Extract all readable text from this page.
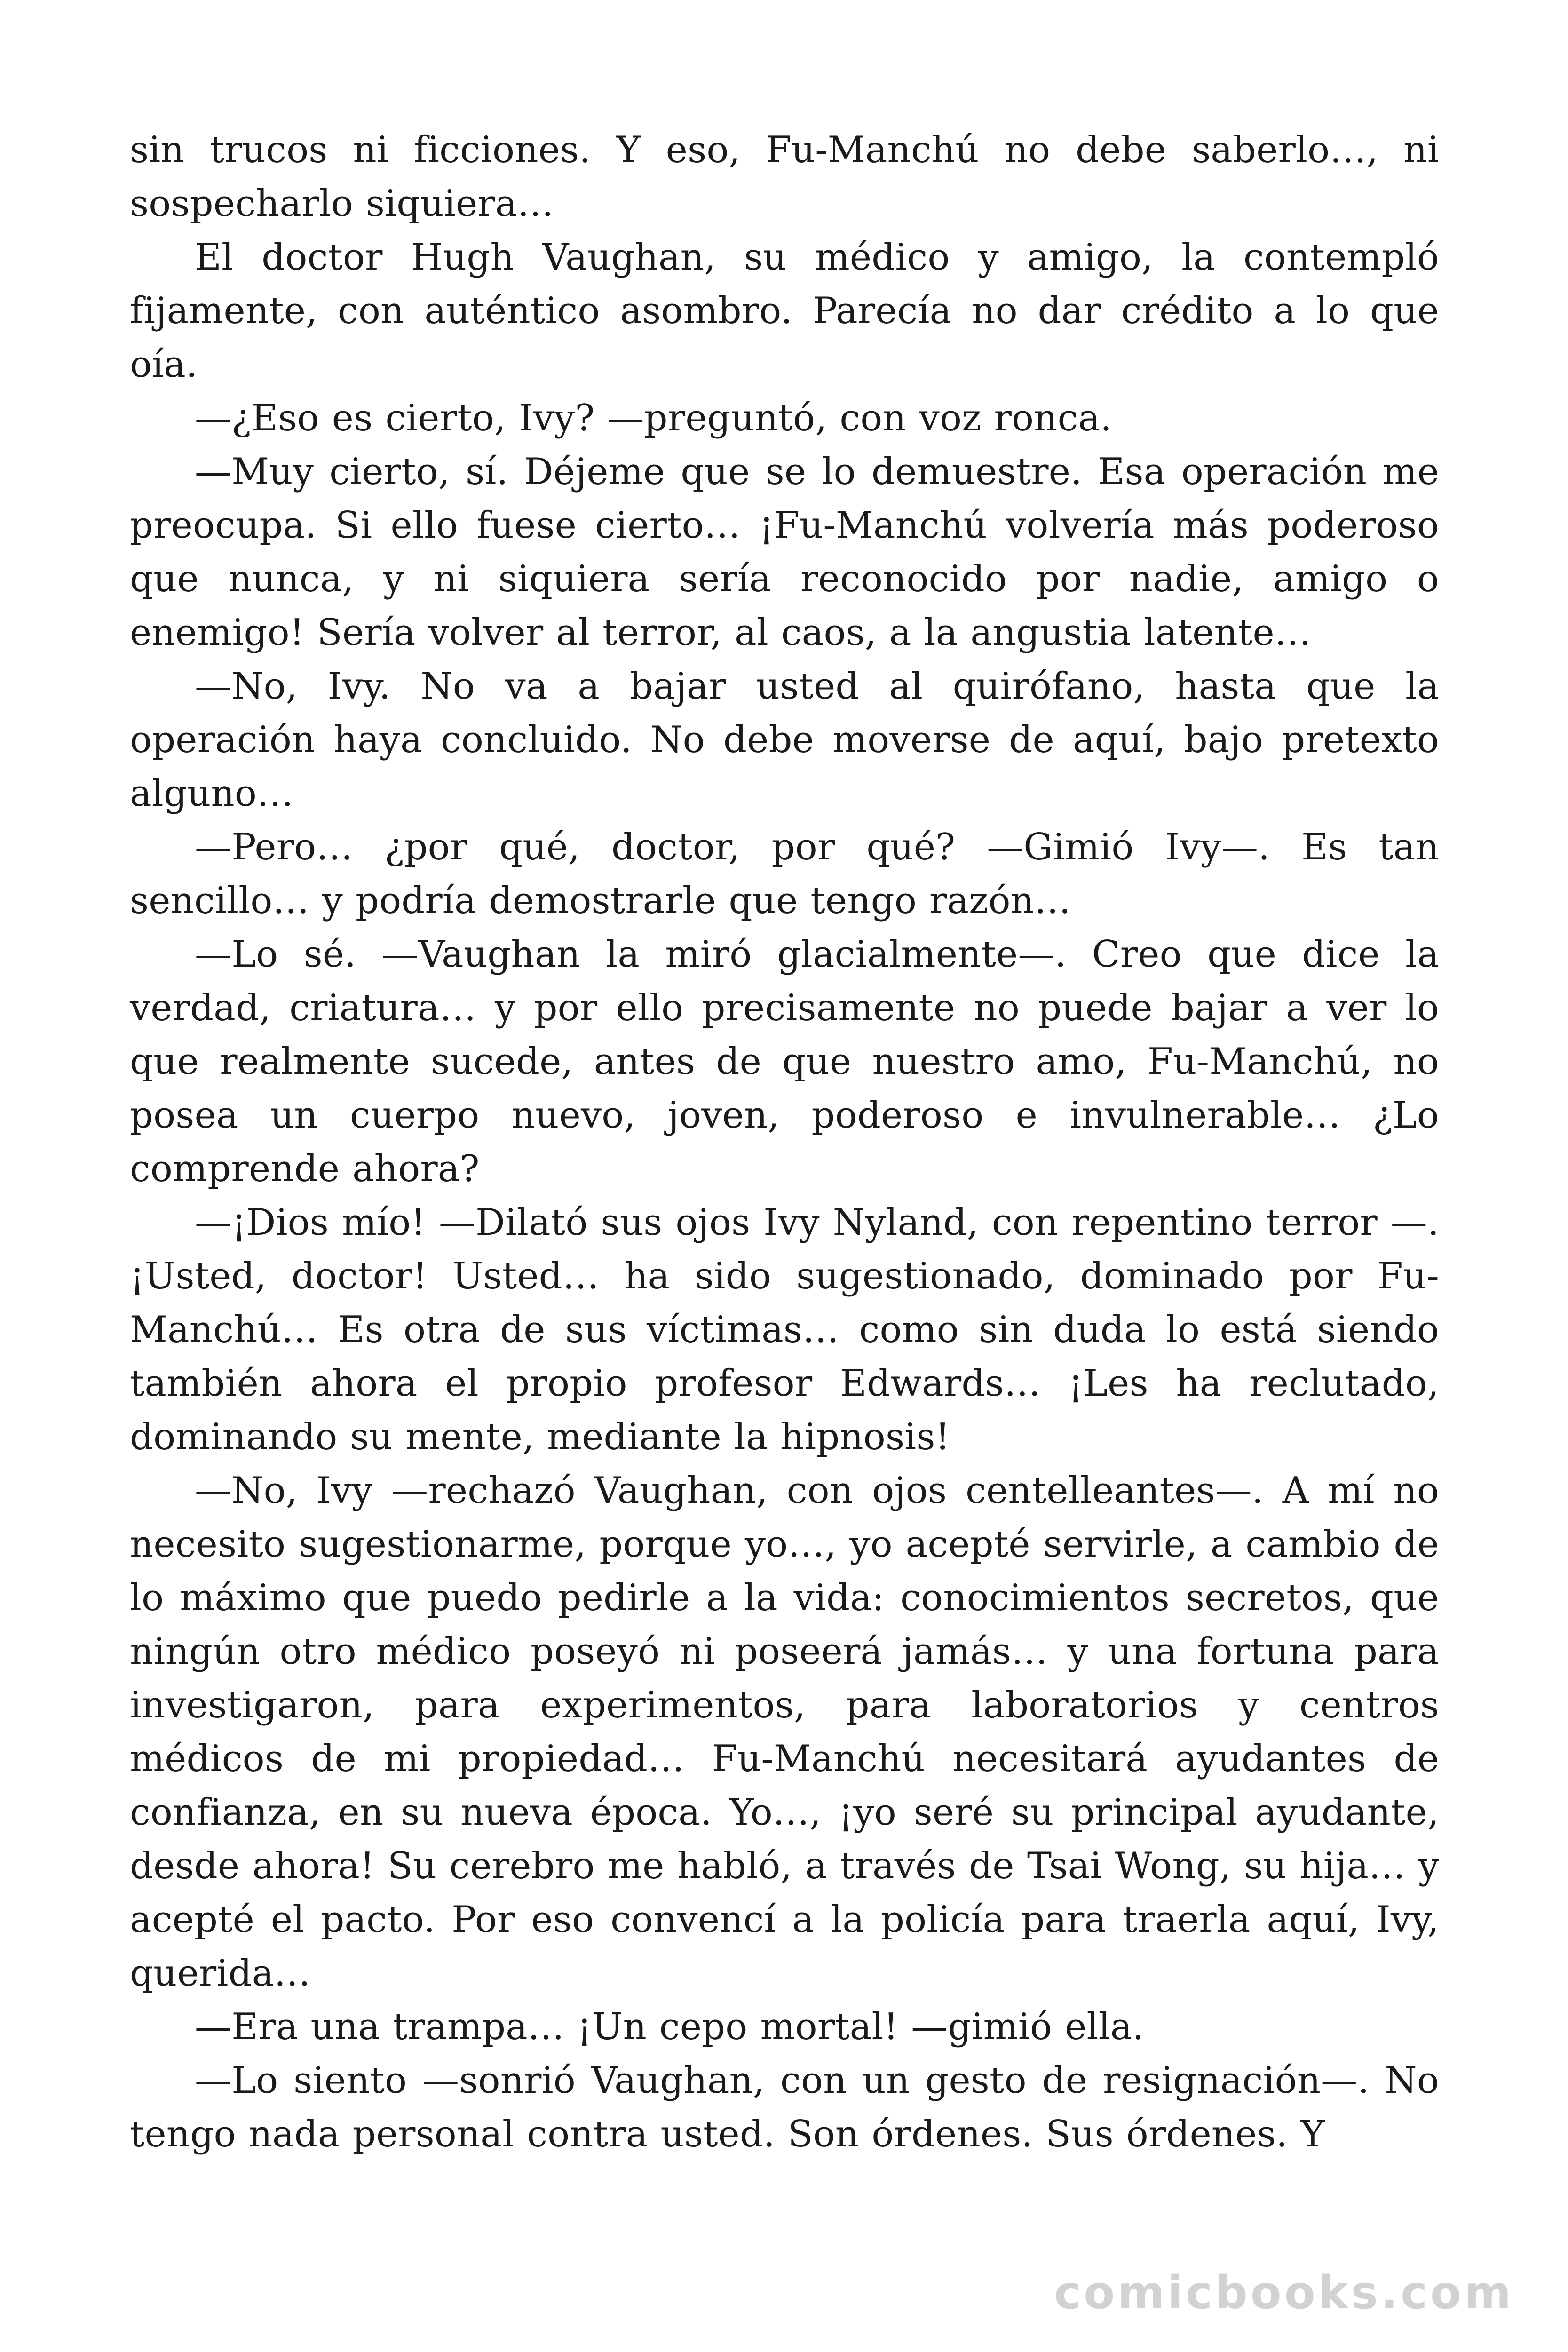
sin trucos ni ficciones. Y eso, Fu-Manchú no debe saberlo…, ni sospecharlo siquiera…

El doctor Hugh Vaughan, su médico y amigo, la contempló fijamente, con auténtico asombro. Parecía no dar crédito a lo que oía.

—¿Eso es cierto, Ivy? —preguntó, con voz ronca.

—Muy cierto, sí. Déjeme que se lo demuestre. Esa operación me preocupa. Si ello fuese cierto… ¡Fu-Manchú volvería más poderoso que nunca, y ni siquiera sería reconocido por nadie, amigo o enemigo! Sería volver al terror, al caos, a la angustia latente…

—No, Ivy. No va a bajar usted al quirófano, hasta que la operación haya concluido. No debe moverse de aquí, bajo pretexto alguno…

—Pero… ¿por qué, doctor, por qué? —Gimió Ivy—. Es tan sencillo… y podría demostrarle que tengo razón…

—Lo sé. —Vaughan la miró glacialmente—. Creo que dice la verdad, criatura… y por ello precisamente no puede bajar a ver lo que realmente sucede, antes de que nuestro amo, Fu-Manchú, no posea un cuerpo nuevo, joven, poderoso e invulnerable… ¿Lo comprende ahora?

—¡Dios mío! —Dilató sus ojos Ivy Nyland, con repentino terror —. ¡Usted, doctor! Usted… ha sido sugestionado, dominado por Fu-Manchú… Es otra de sus víctimas… como sin duda lo está siendo también ahora el propio profesor Edwards… ¡Les ha reclutado, dominando su mente, mediante la hipnosis!

—No, Ivy —rechazó Vaughan, con ojos centelleantes—. A mí no necesito sugestionarme, porque yo…, yo acepté servirle, a cambio de lo máximo que puedo pedirle a la vida: conocimientos secretos, que ningún otro médico poseyó ni poseerá jamás… y una fortuna para investigaron, para experimentos, para laboratorios y centros médicos de mi propiedad… Fu-Manchú necesitará ayudantes de confianza, en su nueva época. Yo…, ¡yo seré su principal ayudante, desde ahora! Su cerebro me habló, a través de Tsai Wong, su hija… y acepté el pacto. Por eso convencí a la policía para traerla aquí, Ivy, querida…

—Era una trampa… ¡Un cepo mortal! —gimió ella.

—Lo siento —sonrió Vaughan, con un gesto de resignación—. No tengo nada personal contra usted. Son órdenes. Sus órdenes. Y

comicbooks.com
